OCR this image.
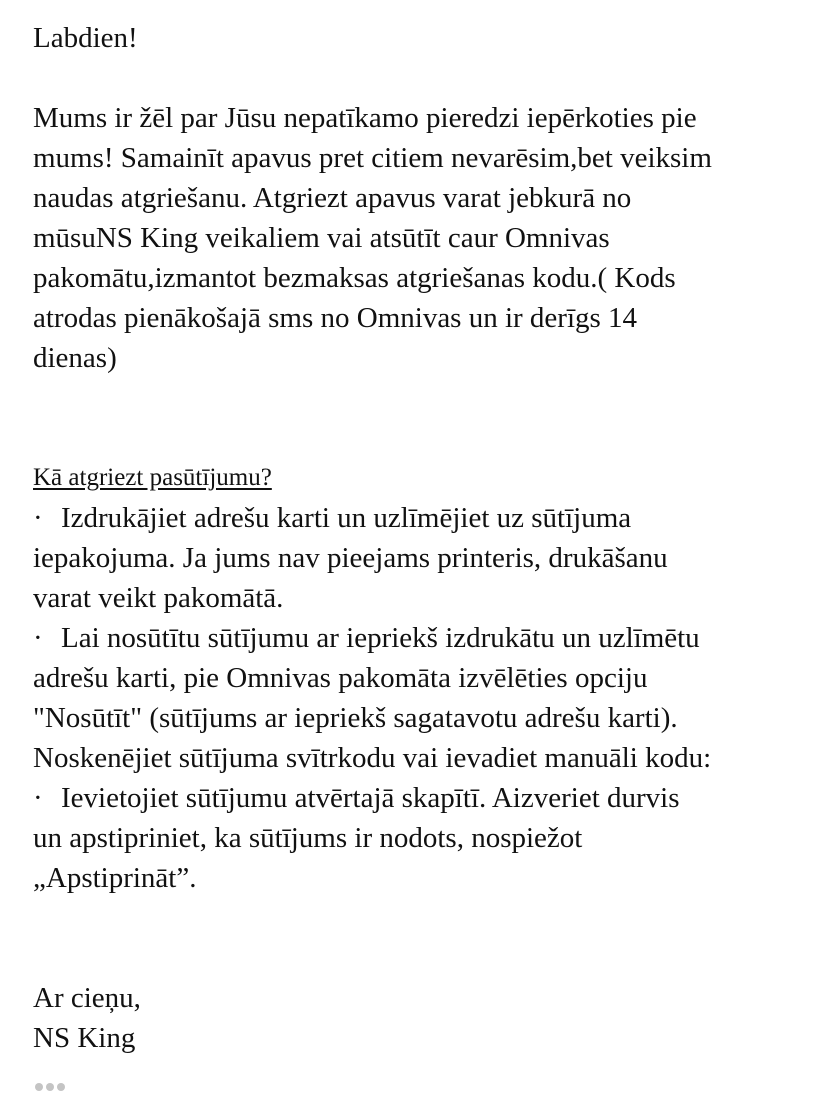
Labdien!

Mums ir žēl par Jūsu nepatīkamo pieredzi iepērkoties pie

mums! Samainīt apavus pret citiem nevarēsim,bet veiksim

naudas atgriešanu. Atgriezt apavus varat jebkurā no

mūsuNS King veikaliem vai atsūtīt caur Omnivas

pakomātu,izmantot bezmaksas atgriešanas kodu.( Kods

atrodas pienākošajā sms no Omnivas un ir derīgs 14

dienas)

Kā atgriezt pasūtījumu?

· Izdrukājiet adrešu karti un uzlīmējiet uz sūtījuma

iepakojuma. Ja jums nav pieejams printeris, drukāšanu

varat veikt pakomātā.

· Lai nosūtītu sūtījumu ar iepriekš izdrukātu un uzlīmētu

adrešu karti, pie Omnivas pakomāta izvēlēties opciju

"Nosūtīt" (sūtījums ar iepriekš sagatavotu adrešu karti).

Noskenējiet sūtījuma svītrkodu vai ievadiet manuāli kodu:

· Ievietojiet sūtījumu atvērtajā skapītī. Aizveriet durvis

un apstipriniet, ka sūtījums ir nodots, nospiežot

„Apstiprināt”.

Ar cieņu,

NS King
